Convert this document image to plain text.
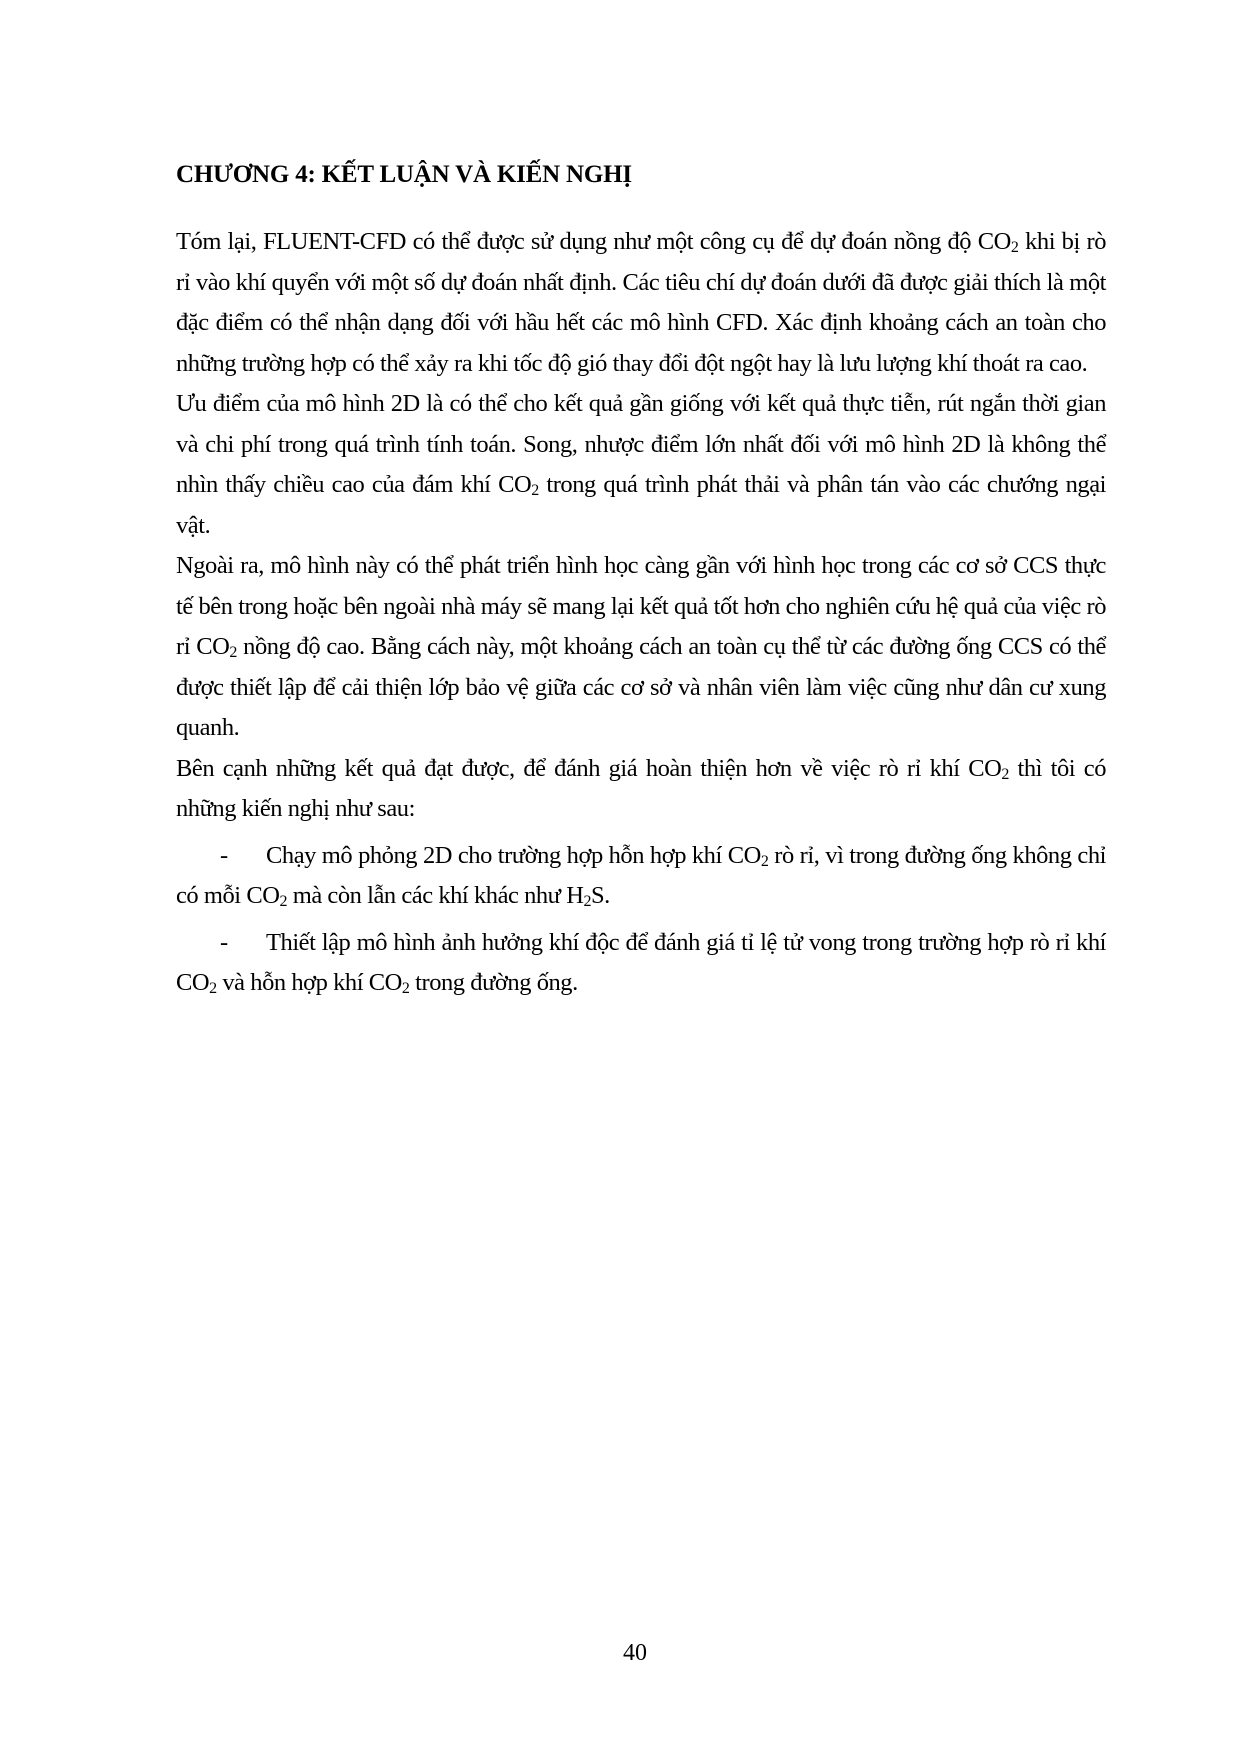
CHƯƠNG 4: KẾT LUẬN VÀ KIẾN NGHỊ

Tóm lại, FLUENT-CFD có thể được sử dụng như một công cụ để dự đoán nồng độ $CO_2$ khi bị rò rỉ vào khí quyển với một số dự đoán nhất định. Các tiêu chí dự đoán dưới đã được giải thích là một đặc điểm có thể nhận dạng đối với hầu hết các mô hình CFD. Xác định khoảng cách an toàn cho những trường hợp có thể xảy ra khi tốc độ gió thay đổi đột ngột hay là lưu lượng khí thoát ra cao.

Ưu điểm của mô hình 2D là có thể cho kết quả gần giống với kết quả thực tiễn, rút ngắn thời gian và chi phí trong quá trình tính toán. Song, nhược điểm lớn nhất đối với mô hình 2D là không thể nhìn thấy chiều cao của đám khí $CO_2$ trong quá trình phát thải và phân tán vào các chướng ngại vật.

Ngoài ra, mô hình này có thể phát triển hình học càng gần với hình học trong các cơ sở CCS thực tế bên trong hoặc bên ngoài nhà máy sẽ mang lại kết quả tốt hơn cho nghiên cứu hệ quả của việc rò rỉ $CO_2$ nồng độ cao. Bằng cách này, một khoảng cách an toàn cụ thể từ các đường ống CCS có thể được thiết lập để cải thiện lớp bảo vệ giữa các cơ sở và nhân viên làm việc cũng như dân cư xung quanh.

Bên cạnh những kết quả đạt được, để đánh giá hoàn thiện hơn về việc rò rỉ khí $CO_2$ thì tôi có những kiến nghị như sau:

- Chạy mô phỏng 2D cho trường hợp hỗn hợp khí $CO_2$ rò rỉ, vì trong đường ống không chỉ có mỗi $CO_2$ mà còn lẫn các khí khác như $H_2S$.

- Thiết lập mô hình ảnh hưởng khí độc để đánh giá tỉ lệ tử vong trong trường hợp rò rỉ khí $CO_2$ và hỗn hợp khí $CO_2$ trong đường ống.

40
